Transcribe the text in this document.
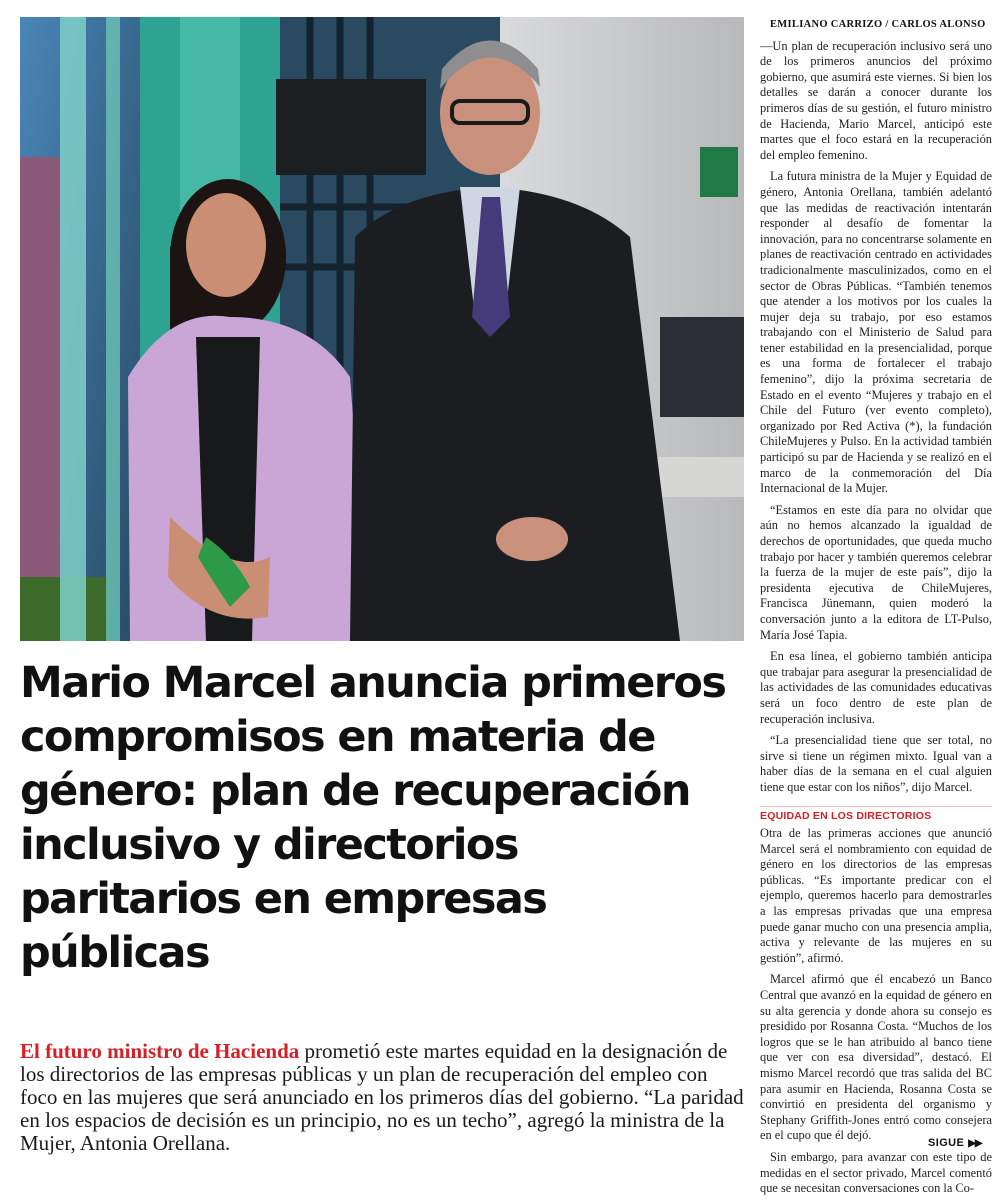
Mario Marcel anuncia primeros compromisos en materia de género: plan de recuperación inclusivo y directorios paritarios en empresas públicas

El futuro ministro de Hacienda prometió este martes equidad en la designación de los directorios de las empresas públicas y un plan de recuperación del empleo con foco en las mujeres que será anunciado en los primeros días del gobierno. “La paridad en los espacios de decisión es un principio, no es un techo”, agregó la ministra de la Mujer, Antonia Orellana.

EMILIANO CARRIZO / CARLOS ALONSO

—Un plan de recuperación inclusivo será uno de los primeros anuncios del próximo gobierno, que asumirá este viernes. Si bien los detalles se darán a conocer durante los primeros días de su gestión, el futuro ministro de Hacienda, Mario Marcel, anticipó este martes que el foco estará en la recuperación del empleo femenino.

La futura ministra de la Mujer y Equidad de género, Antonia Orellana, también adelantó que las medidas de reactivación intentarán responder al desafío de fomentar la innovación, para no concentrarse solamente en planes de reactivación centrado en actividades tradicionalmente masculinizados, como en el sector de Obras Públicas. “También tenemos que atender a los motivos por los cuales la mujer deja su trabajo, por eso estamos trabajando con el Ministerio de Salud para tener estabilidad en la presencialidad, porque es una forma de fortalecer el trabajo femenino”, dijo la próxima secretaria de Estado en el evento “Mujeres y trabajo en el Chile del Futuro (ver evento completo), organizado por Red Activa (*), la fundación ChileMujeres y Pulso. En la actividad también participó su par de Hacienda y se realizó en el marco de la conmemoración del Día Internacional de la Mujer.

“Estamos en este día para no olvidar que aún no hemos alcanzado la igualdad de derechos de oportunidades, que queda mucho trabajo por hacer y también queremos celebrar la fuerza de la mujer de este país”, dijo la presidenta ejecutiva de ChileMujeres, Francisca Jünemann, quien moderó la conversación junto a la editora de LT-Pulso, María José Tapia.

En esa línea, el gobierno también anticipa que trabajar para asegurar la presencialidad de las actividades de las comunidades educativas será un foco dentro de este plan de recuperación inclusiva.

“La presencialidad tiene que ser total, no sirve si tiene un régimen mixto. Igual van a haber días de la semana en el cual alguien tiene que estar con los niños”, dijo Marcel.

EQUIDAD EN LOS DIRECTORIOS

Otra de las primeras acciones que anunció Marcel será el nombramiento con equidad de género en los directorios de las empresas públicas. “Es importante predicar con el ejemplo, queremos hacerlo para demostrarles a las empresas privadas que una empresa puede ganar mucho con una presencia amplia, activa y relevante de las mujeres en su gestión”, afirmó.

Marcel afirmó que él encabezó un Banco Central que avanzó en la equidad de género en su alta gerencia y donde ahora su consejo es presidido por Rosanna Costa. “Muchos de los logros que se le han atribuido al banco tiene que ver con esa diversidad”, destacó. El mismo Marcel recordó que tras salida del BC para asumir en Hacienda, Rosanna Costa se convirtió en presidenta del organismo y Stephany Griffith-Jones entró como consejera en el cupo que él dejó.

Sin embargo, para avanzar con este tipo de medidas en el sector privado, Marcel comentó que se necesitan conversaciones con la Co-

SIGUE ▶▶
